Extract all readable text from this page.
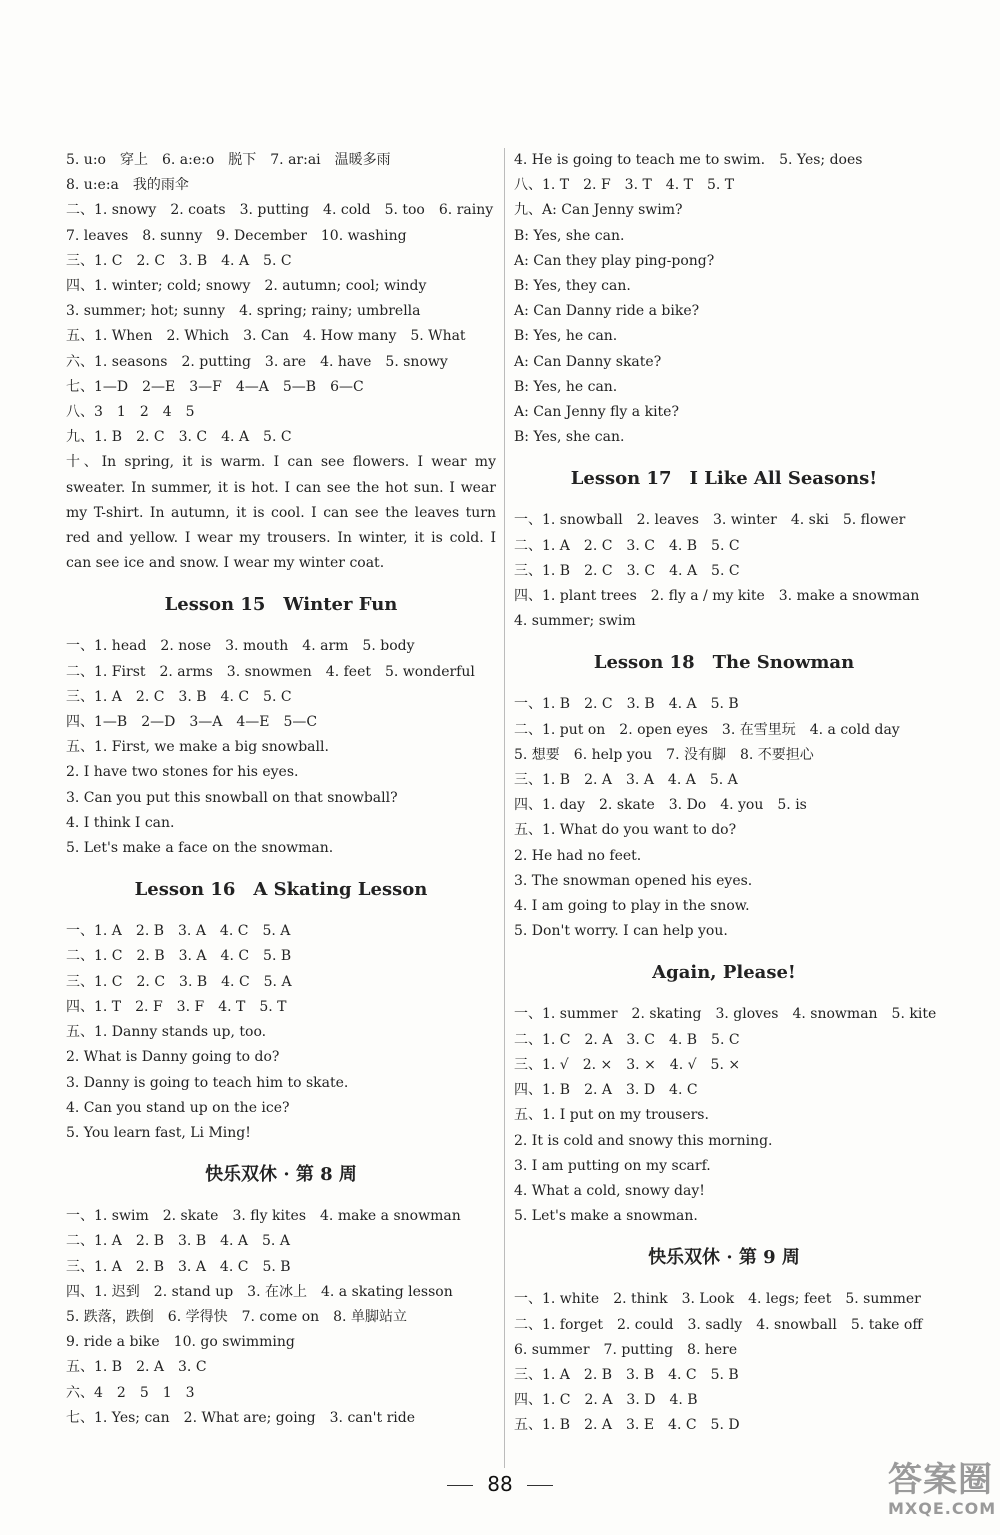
5. u:o　穿上　6. a:e:o　脱下　7. ar:ai　温暖多雨
8. u:e:a　我的雨伞
二、1. snowy　2. coats　3. putting　4. cold　5. too　6. rainy
7. leaves　8. sunny　9. December　10. washing
三、1. C　2. C　3. B　4. A　5. C
四、1. winter; cold; snowy　2. autumn; cool; windy
3. summer; hot; sunny　4. spring; rainy; umbrella
五、1. When　2. Which　3. Can　4. How many　5. What
六、1. seasons　2. putting　3. are　4. have　5. snowy
七、1—D　2—E　3—F　4—A　5—B　6—C
八、3　1　2　4　5
九、1. B　2. C　3. C　4. A　5. C
十、In spring, it is warm. I can see flowers. I wear my sweater. In summer, it is hot. I can see the hot sun. I wear my T-shirt. In autumn, it is cool. I can see the leaves turn red and yellow. I wear my trousers. In winter, it is cold. I can see ice and snow. I wear my winter coat.
Lesson 15　Winter Fun
一、1. head　2. nose　3. mouth　4. arm　5. body
二、1. First　2. arms　3. snowmen　4. feet　5. wonderful
三、1. A　2. C　3. B　4. C　5. C
四、1—B　2—D　3—A　4—E　5—C
五、1. First, we make a big snowball.
2. I have two stones for his eyes.
3. Can you put this snowball on that snowball?
4. I think I can.
5. Let's make a face on the snowman.
Lesson 16　A Skating Lesson
一、1. A　2. B　3. A　4. C　5. A
二、1. C　2. B　3. A　4. C　5. B
三、1. C　2. C　3. B　4. C　5. A
四、1. T　2. F　3. F　4. T　5. T
五、1. Danny stands up, too.
2. What is Danny going to do?
3. Danny is going to teach him to skate.
4. Can you stand up on the ice?
5. You learn fast, Li Ming!
快乐双休 · 第 8 周
一、1. swim　2. skate　3. fly kites　4. make a snowman
二、1. A　2. B　3. B　4. A　5. A
三、1. A　2. B　3. A　4. C　5. B
四、1. 迟到　2. stand up　3. 在冰上　4. a skating lesson
5. 跌落，跌倒　6. 学得快　7. come on　8. 单脚站立
9. ride a bike　10. go swimming
五、1. B　2. A　3. C
六、4　2　5　1　3
七、1. Yes; can　2. What are; going　3. can't ride
4. He is going to teach me to swim.　5. Yes; does
八、1. T　2. F　3. T　4. T　5. T
九、A: Can Jenny swim?
B: Yes, she can.
A: Can they play ping-pong?
B: Yes, they can.
A: Can Danny ride a bike?
B: Yes, he can.
A: Can Danny skate?
B: Yes, he can.
A: Can Jenny fly a kite?
B: Yes, she can.
Lesson 17　I Like All Seasons!
一、1. snowball　2. leaves　3. winter　4. ski　5. flower
二、1. A　2. C　3. C　4. B　5. C
三、1. B　2. C　3. C　4. A　5. C
四、1. plant trees　2. fly a / my kite　3. make a snowman
4. summer; swim
Lesson 18　The Snowman
一、1. B　2. C　3. B　4. A　5. B
二、1. put on　2. open eyes　3. 在雪里玩　4. a cold day
5. 想要　6. help you　7. 没有脚　8. 不要担心
三、1. B　2. A　3. A　4. A　5. A
四、1. day　2. skate　3. Do　4. you　5. is
五、1. What do you want to do?
2. He had no feet.
3. The snowman opened his eyes.
4. I am going to play in the snow.
5. Don't worry. I can help you.
Again, Please!
一、1. summer　2. skating　3. gloves　4. snowman　5. kite
二、1. C　2. A　3. C　4. B　5. C
三、1. √　2. ×　3. ×　4. √　5. ×
四、1. B　2. A　3. D　4. C
五、1. I put on my trousers.
2. It is cold and snowy this morning.
3. I am putting on my scarf.
4. What a cold, snowy day!
5. Let's make a snowman.
快乐双休 · 第 9 周
一、1. white　2. think　3. Look　4. legs; feet　5. summer
二、1. forget　2. could　3. sadly　4. snowball　5. take off
6. summer　7. putting　8. here
三、1. A　2. B　3. B　4. C　5. B
四、1. C　2. A　3. D　4. B
五、1. B　2. A　3. E　4. C　5. D
88	答案圈
MXQE.COM
